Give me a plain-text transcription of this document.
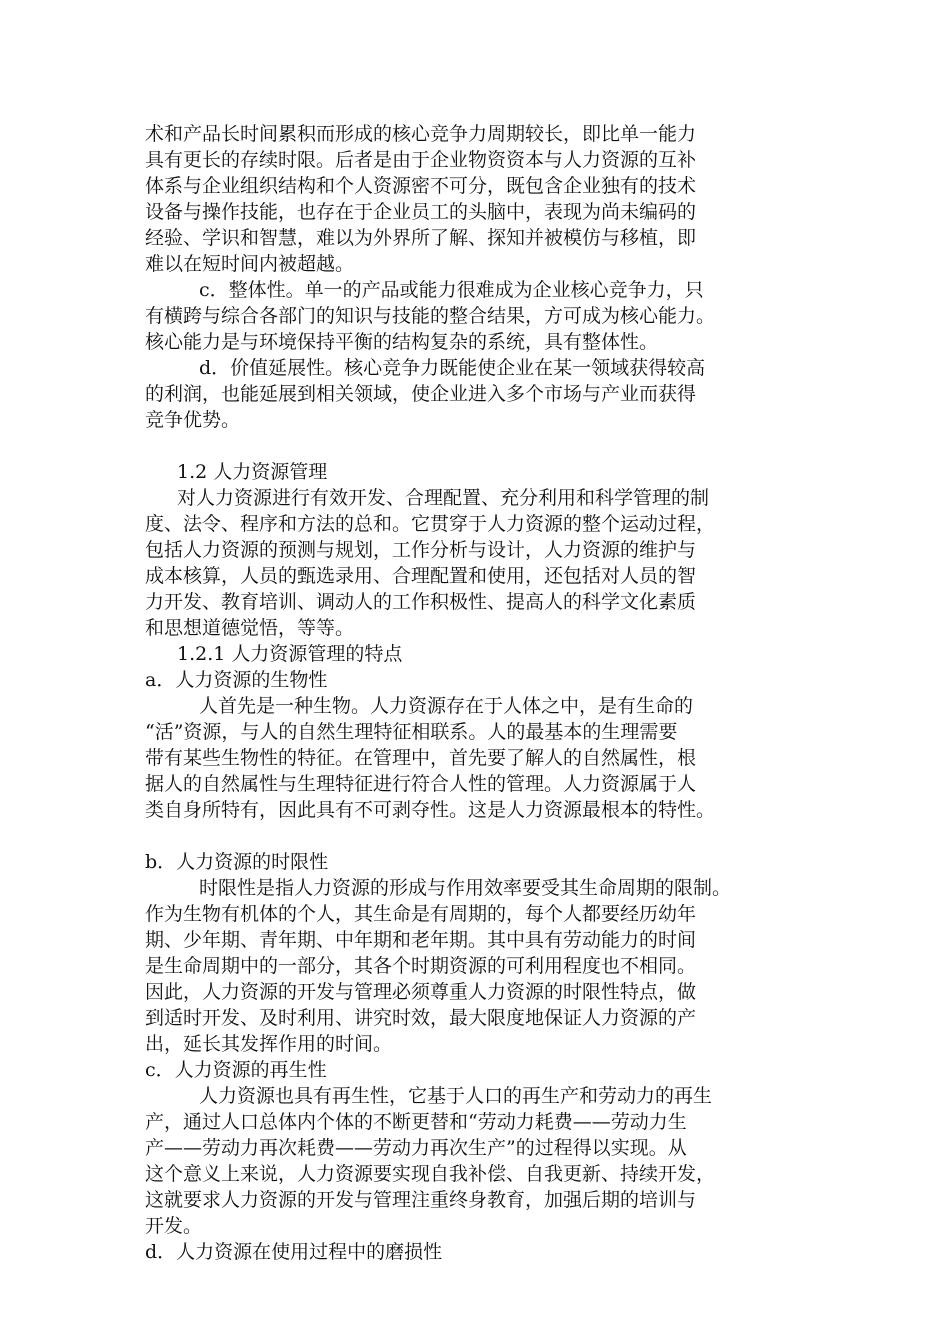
术和产品长时间累积而形成的核心竞争力周期较长，即比单一能力

具有更长的存续时限。后者是由于企业物资资本与人力资源的互补

体系与企业组织结构和个人资源密不可分，既包含企业独有的技术

设备与操作技能，也存在于企业员工的头脑中，表现为尚未编码的

经验、学识和智慧，难以为外界所了解、探知并被模仿与移植，即

难以在短时间内被超越。

c．整体性。单一的产品或能力很难成为企业核心竞争力，只

有横跨与综合各部门的知识与技能的整合结果，方可成为核心能力。

核心能力是与环境保持平衡的结构复杂的系统，具有整体性。

d．价值延展性。核心竞争力既能使企业在某一领域获得较高

的利润，也能延展到相关领域，使企业进入多个市场与产业而获得

竞争优势。

1.2 人力资源管理

对人力资源进行有效开发、合理配置、充分利用和科学管理的制

度、法令、程序和方法的总和。它贯穿于人力资源的整个运动过程，

包括人力资源的预测与规划，工作分析与设计，人力资源的维护与

成本核算，人员的甄选录用、合理配置和使用，还包括对人员的智

力开发、教育培训、调动人的工作积极性、提高人的科学文化素质

和思想道德觉悟，等等。

1.2.1 人力资源管理的特点

a．人力资源的生物性

人首先是一种生物。人力资源存在于人体之中，是有生命的

“活”资源，与人的自然生理特征相联系。人的最基本的生理需要

带有某些生物性的特征。在管理中，首先要了解人的自然属性，根

据人的自然属性与生理特征进行符合人性的管理。人力资源属于人

类自身所特有，因此具有不可剥夺性。这是人力资源最根本的特性。

b．人力资源的时限性

时限性是指人力资源的形成与作用效率要受其生命周期的限制。

作为生物有机体的个人，其生命是有周期的，每个人都要经历幼年

期、少年期、青年期、中年期和老年期。其中具有劳动能力的时间

是生命周期中的一部分，其各个时期资源的可利用程度也不相同。

因此，人力资源的开发与管理必须尊重人力资源的时限性特点，做

到适时开发、及时利用、讲究时效，最大限度地保证人力资源的产

出，延长其发挥作用的时间。

c．人力资源的再生性

人力资源也具有再生性，它基于人口的再生产和劳动力的再生

产，通过人口总体内个体的不断更替和“劳动力耗费——劳动力生

产——劳动力再次耗费——劳动力再次生产”的过程得以实现。从

这个意义上来说，人力资源要实现自我补偿、自我更新、持续开发，

这就要求人力资源的开发与管理注重终身教育，加强后期的培训与

开发。

d．人力资源在使用过程中的磨损性
